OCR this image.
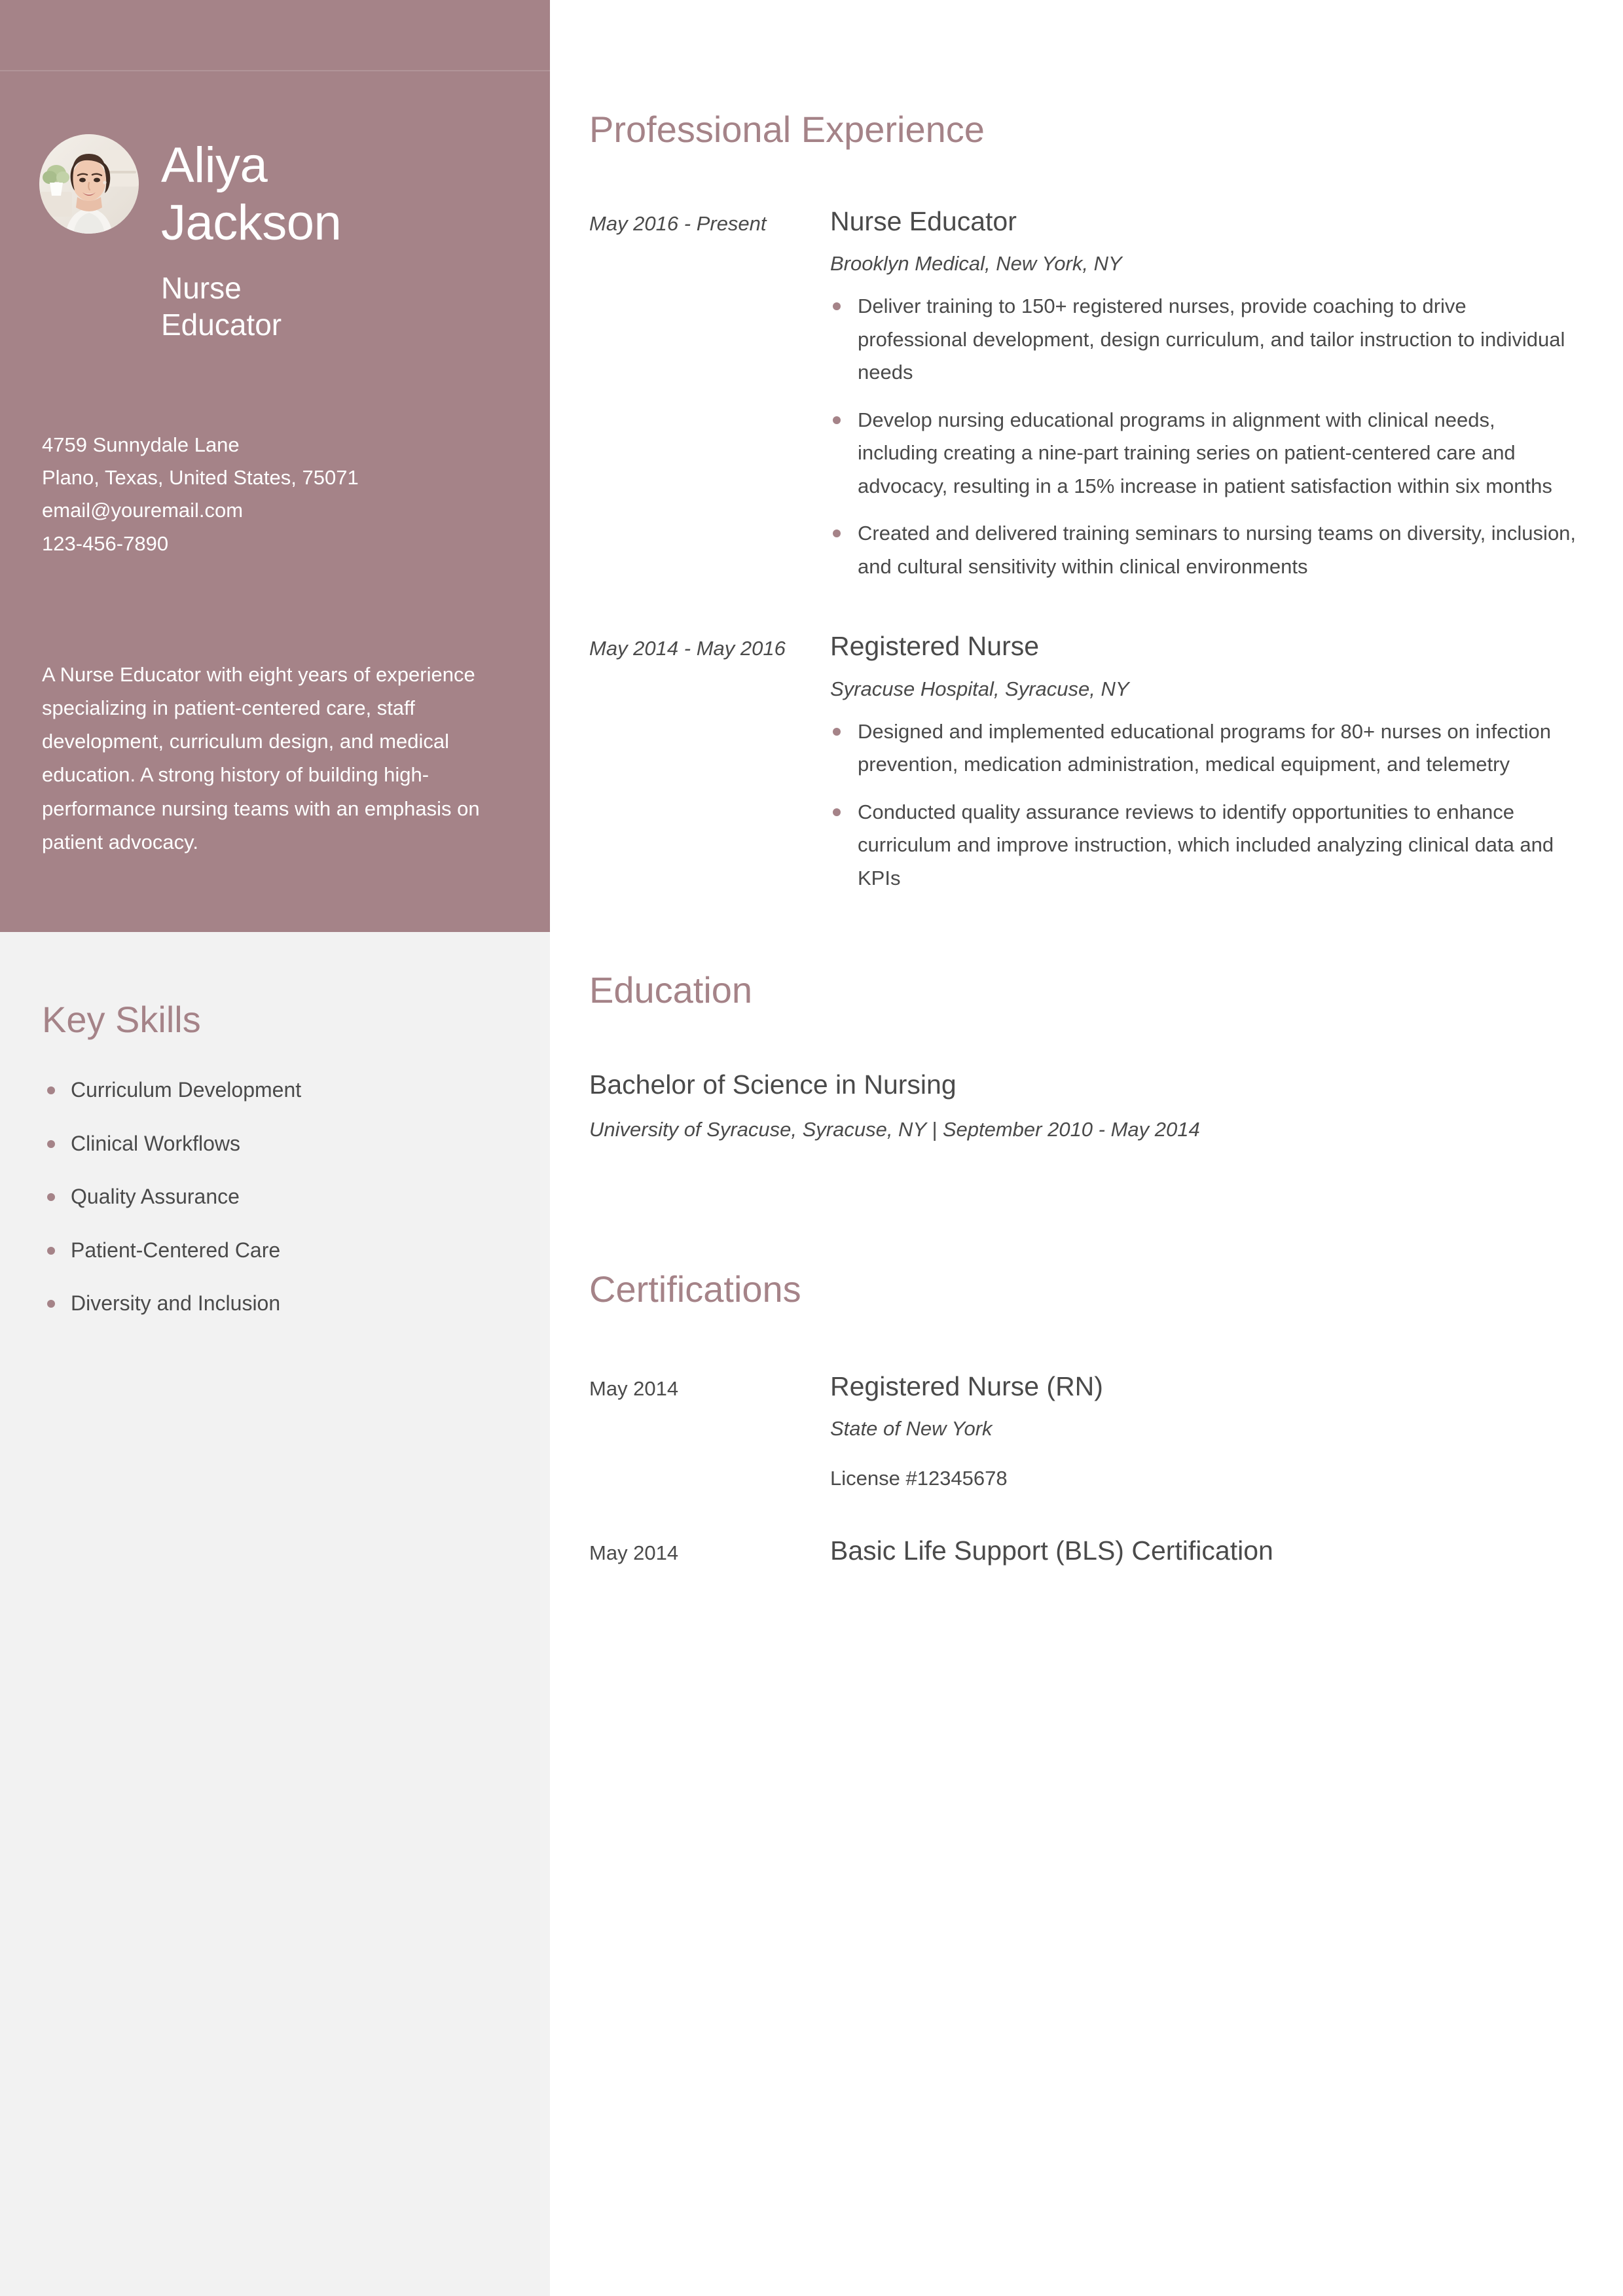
Aliya
Jackson
Nurse
Educator
4759 Sunnydale Lane
Plano, Texas, United States, 75071
email@youremail.com
123-456-7890
A Nurse Educator with eight years of experience specializing in patient-centered care, staff development, curriculum design, and medical education. A strong history of building high-performance nursing teams with an emphasis on patient advocacy.
Key Skills
Curriculum Development
Clinical Workflows
Quality Assurance
Patient-Centered Care
Diversity and Inclusion
Professional Experience
May 2016 - Present	Nurse Educator
Brooklyn Medical, New York, NY
Deliver training to 150+ registered nurses, provide coaching to drive professional development, design curriculum, and tailor instruction to individual needs
Develop nursing educational programs in alignment with clinical needs, including creating a nine-part training series on patient-centered care and advocacy, resulting in a 15% increase in patient satisfaction within six months
Created and delivered training seminars to nursing teams on diversity, inclusion, and cultural sensitivity within clinical environments
May 2014 - May 2016	Registered Nurse
Syracuse Hospital, Syracuse, NY
Designed and implemented educational programs for 80+ nurses on infection prevention, medication administration, medical equipment, and telemetry
Conducted quality assurance reviews to identify opportunities to enhance curriculum and improve instruction, which included analyzing clinical data and KPIs
Education
Bachelor of Science in Nursing
University of Syracuse, Syracuse, NY | September 2010 - May 2014
Certifications
May 2014	Registered Nurse (RN)
State of New York
License #12345678
May 2014	Basic Life Support (BLS) Certification
